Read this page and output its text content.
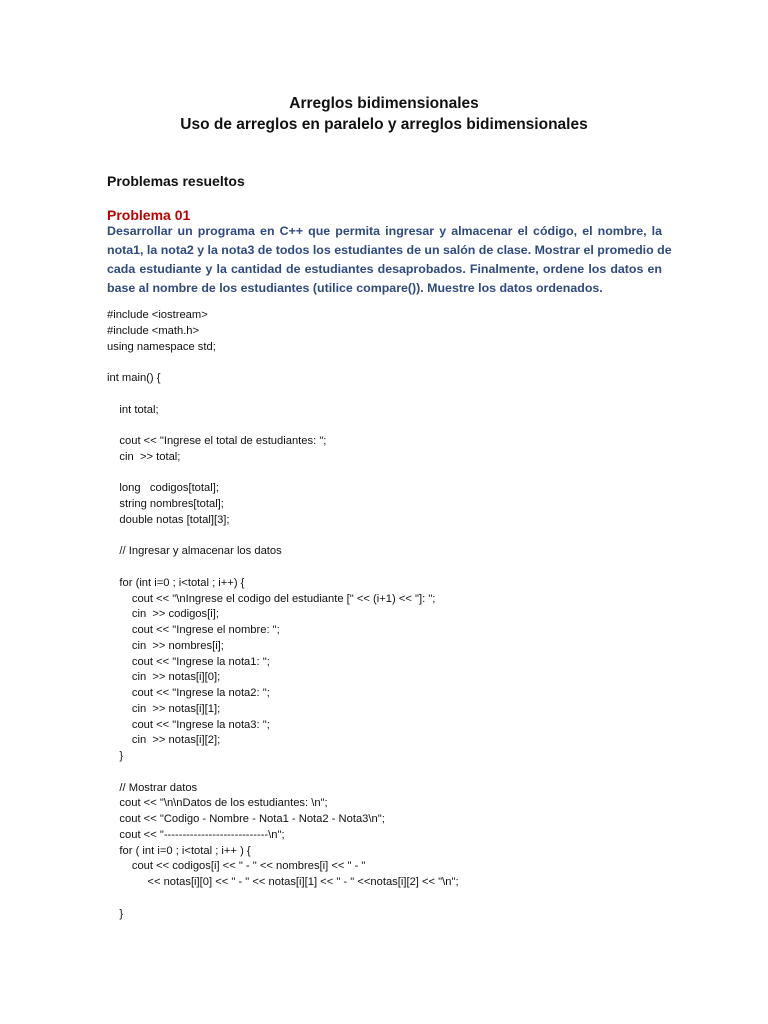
Arreglos bidimensionales
Uso de arreglos en paralelo y arreglos bidimensionales
Problemas resueltos
Problema 01
Desarrollar un programa en C++ que permita ingresar y almacenar el código, el nombre, la
nota1, la nota2 y la nota3 de todos los estudiantes de un salón de clase. Mostrar el promedio de
cada estudiante y la cantidad de estudiantes desaprobados. Finalmente, ordene los datos en
base al nombre de los estudiantes (utilice compare()). Muestre los datos ordenados.
#include <iostream>
#include <math.h>
using namespace std;
int main() {
int total;
cout << "Ingrese el total de estudiantes: ";
cin  >> total;
long   codigos[total];
string nombres[total];
double notas [total][3];
// Ingresar y almacenar los datos
for (int i=0 ; i<total ; i++) {
cout << "\nIngrese el codigo del estudiante [" << (i+1) << "]: ";
cin  >> codigos[i];
cout << "Ingrese el nombre: ";
cin  >> nombres[i];
cout << "Ingrese la nota1: ";
cin  >> notas[i][0];
cout << "Ingrese la nota2: ";
cin  >> notas[i][1];
cout << "Ingrese la nota3: ";
cin  >> notas[i][2];
}
// Mostrar datos
cout << "\n\nDatos de los estudiantes: \n";
cout << "Codigo - Nombre - Nota1 - Nota2 - Nota3\n";
cout << "----------------------------\n";
for ( int i=0 ; i<total ; i++ ) {
cout << codigos[i] << " - " << nombres[i] << " - "
<< notas[i][0] << " - " << notas[i][1] << " - " <<notas[i][2] << "\n";
}
